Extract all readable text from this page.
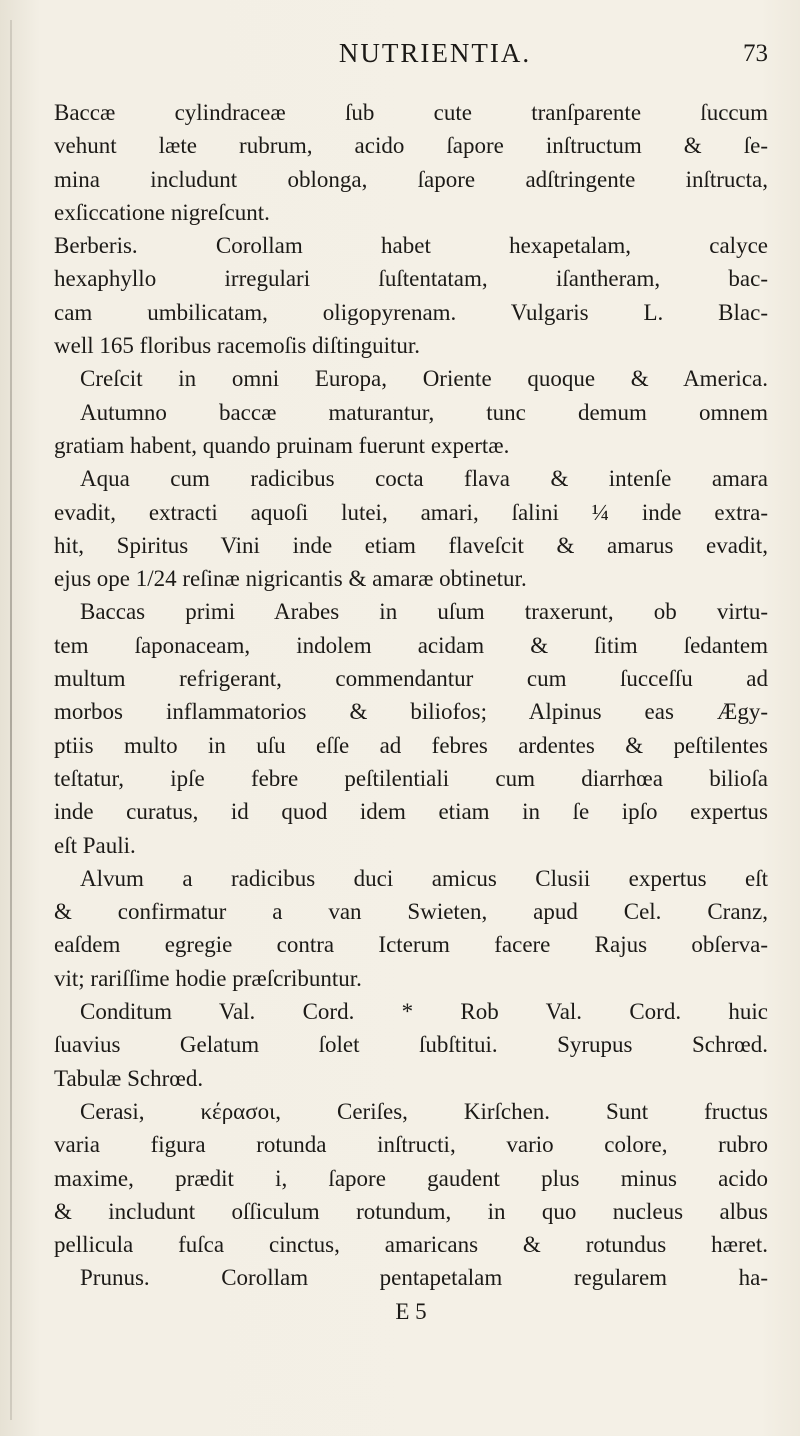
NUTRIENTIA.	73
Baccæ cylindraceæ ſub cute tranſparente ſuccum
vehunt læte rubrum, acido ſapore inſtructum & ſe-
mina includunt oblonga, ſapore adſtringente inſtructa,
exſiccatione nigreſcunt.
Berberis. Corollam habet hexapetalam, calyce
hexaphyllo irregulari ſuſtentatam, iſantheram, bac-
cam umbilicatam, oligopyrenam. Vulgaris L. Blac-
well 165 floribus racemoſis diſtinguitur.
Creſcit in omni Europa, Oriente quoque & America.
Autumno baccæ maturantur, tunc demum omnem
gratiam habent, quando pruinam fuerunt expertæ.
Aqua cum radicibus cocta flava & intenſe amara
evadit, extracti aquoſi lutei, amari, ſalini ¼ inde extra-
hit, Spiritus Vini inde etiam flaveſcit & amarus evadit,
ejus ope 1/24 reſinæ nigricantis & amaræ obtinetur.
Baccas primi Arabes in uſum traxerunt, ob virtu-
tem ſaponaceam, indolem acidam & ſitim ſedantem
multum refrigerant, commendantur cum ſucceſſu ad
morbos inflammatorios & biliofos; Alpinus eas Ægy-
ptiis multo in uſu eſſe ad febres ardentes & peſtilentes
teſtatur, ipſe febre peſtilentiali cum diarrhœa bilioſa
inde curatus, id quod idem etiam in ſe ipſo expertus
eſt Pauli.
Alvum a radicibus duci amicus Clusii expertus eſt
& confirmatur a van Swieten, apud Cel. Cranz,
eaſdem egregie contra Icterum facere Rajus obſerva-
vit; rariſſime hodie præſcribuntur.
Conditum Val. Cord. * Rob Val. Cord. huic
ſuavius Gelatum ſolet ſubſtitui. Syrupus Schrœd.
Tabulæ Schrœd.
Cerasi, κέρασοι, Ceriſes, Kirſchen. Sunt fructus
varia figura rotunda inſtructi, vario colore, rubro
maxime, prædit i, ſapore gaudent plus minus acido
& includunt oſſiculum rotundum, in quo nucleus albus
pellicula fuſca cinctus, amaricans & rotundus hæret.
Prunus. Corollam pentapetalam regularem ha-
E 5
